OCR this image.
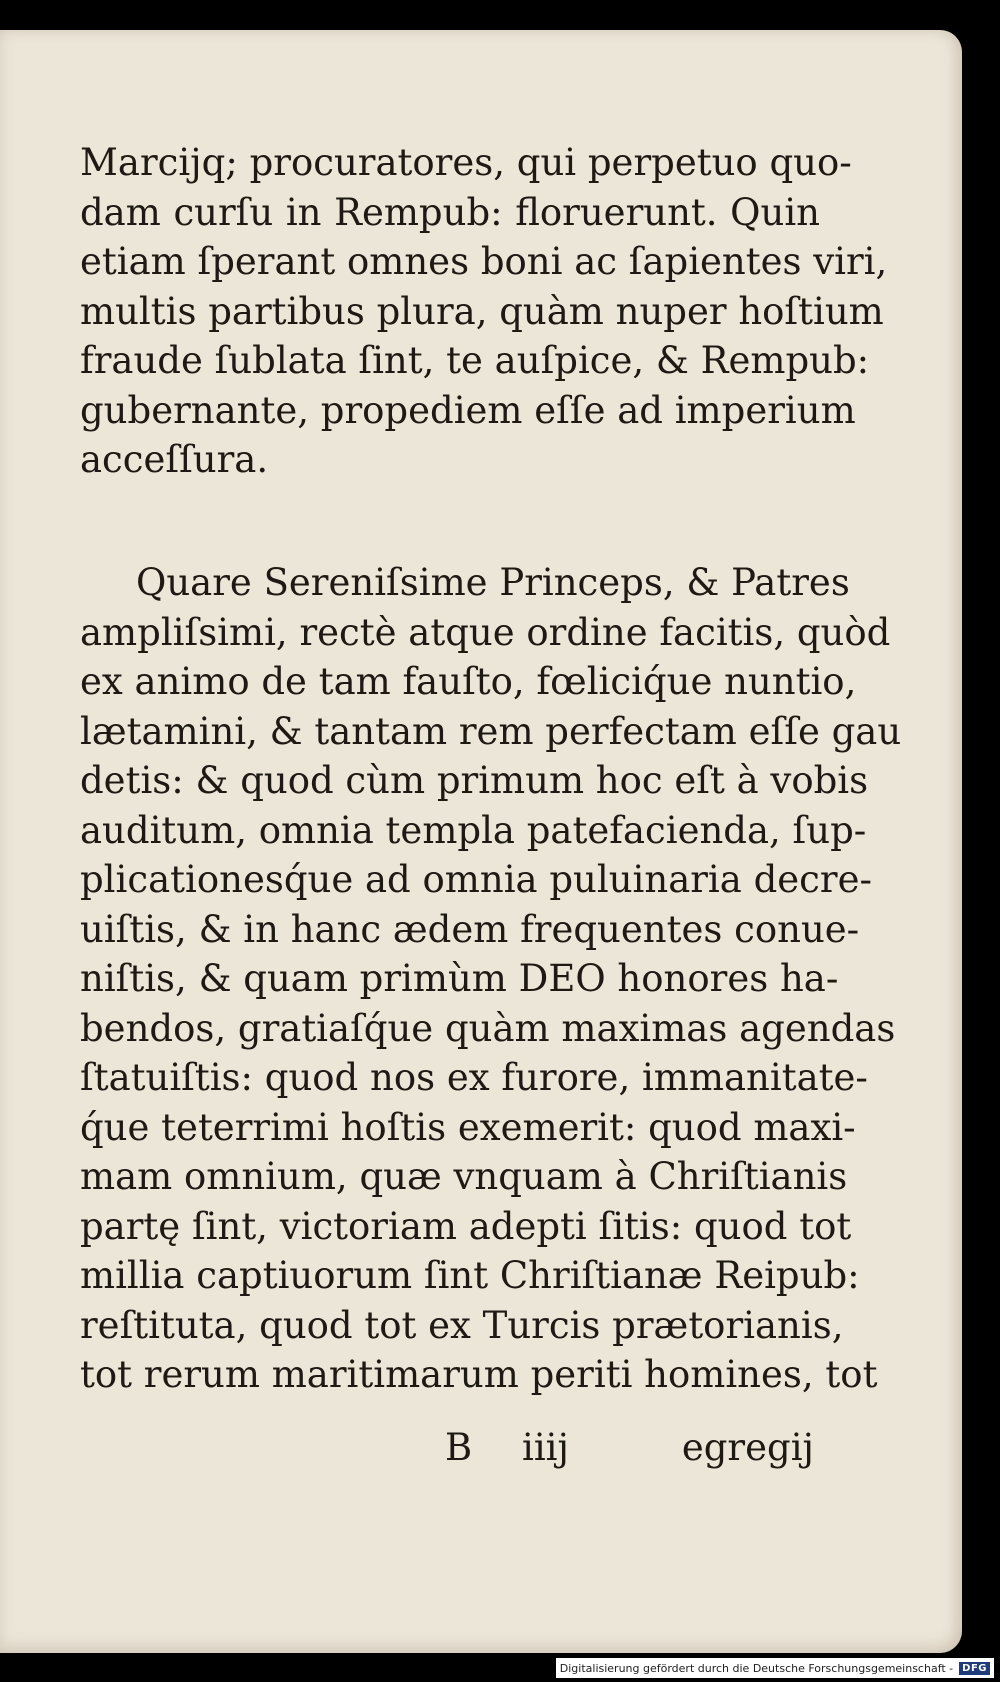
Marcijq; procuratores, qui perpetuo quo-
dam curſu in Rempub: floruerunt. Quin
etiam ſperant omnes boni ac ſapientes viri,
multis partibus plura, quàm nuper hoſtium
fraude ſublata ſint, te auſpice, & Rempub:
gubernante, propediem eſſe ad imperium
acceſſura.
Quare Sereniſsime Princeps, & Patres
ampliſsimi, rectè atque ordine facitis, quòd
ex animo de tam fauſto, fœliciq́ue nuntio,
lætamini, & tantam rem perfectam eſſe gau
detis: & quod cùm primum hoc eſt à vobis
auditum, omnia templa patefacienda, ſup-
plicationesq́ue ad omnia puluinaria decre-
uiſtis, & in hanc ædem frequentes conue-
niſtis, & quam primùm DEO honores ha-
bendos, gratiaſq́ue quàm maximas agendas
ſtatuiſtis: quod nos ex furore, immanitate-
q́ue teterrimi hoſtis exemerit: quod maxi-
mam omnium, quæ vnquam à Chriſtianis
partę ſint, victoriam adepti ſitis: quod tot
millia captiuorum ſint Chriſtianæ Reipub:
reſtituta, quod tot ex Turcis prætorianis,
tot rerum maritimarum periti homines, tot
B iiij	egregij
Digitalisierung gefördert durch die Deutsche Forschungsgemeinschaft - DFG
